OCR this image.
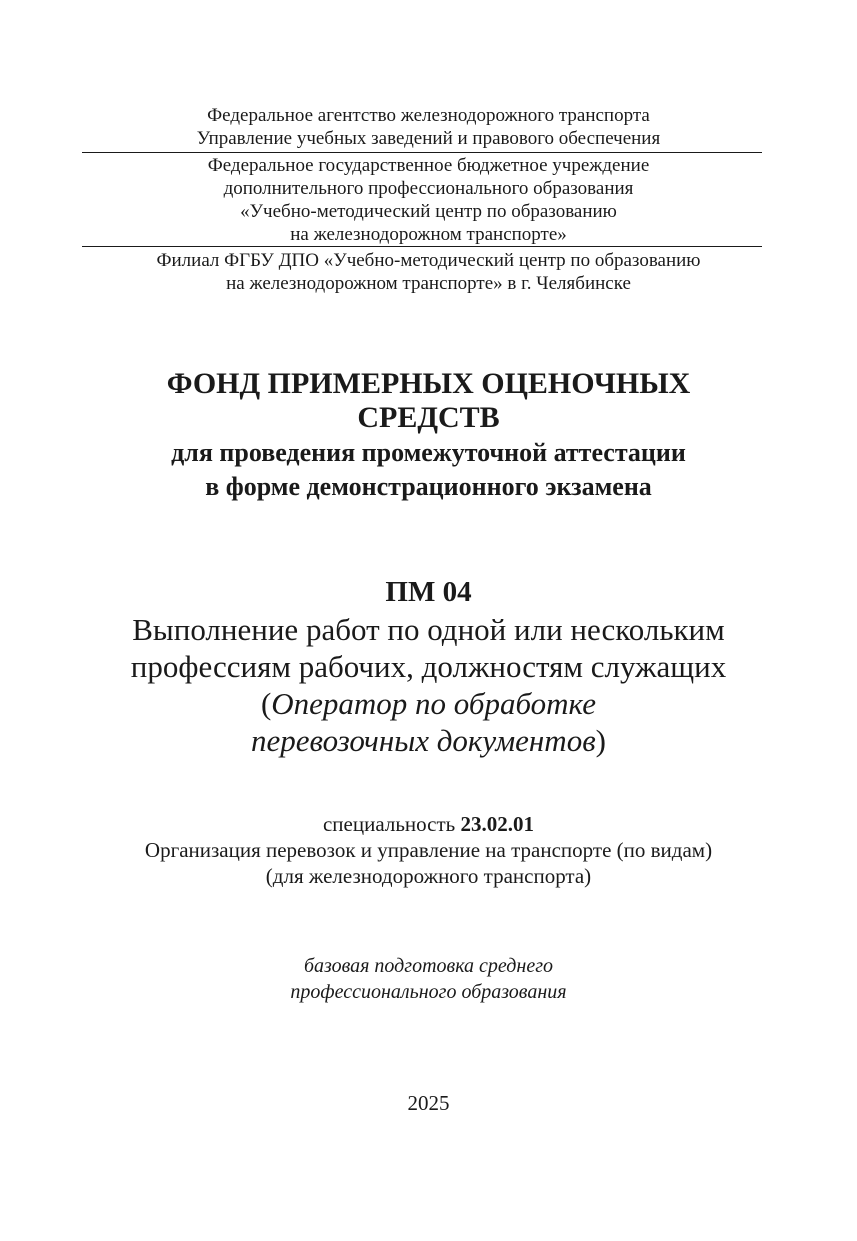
Федеральное агентство железнодорожного транспорта
Управление учебных заведений и правового обеспечения
Федеральное государственное бюджетное учреждение
дополнительного профессионального образования
«Учебно-методический центр по образованию
на железнодорожном транспорте»
Филиал ФГБУ ДПО «Учебно-методический центр по образованию
на железнодорожном транспорте» в г. Челябинске
ФОНД ПРИМЕРНЫХ ОЦЕНОЧНЫХ
СРЕДСТВ
для проведения промежуточной аттестации
в форме демонстрационного экзамена
ПМ 04
Выполнение работ по одной или нескольким
профессиям рабочих, должностям служащих
(Оператор по обработке
перевозочных документов)
специальность 23.02.01
Организация перевозок и управление на транспорте (по видам)
(для железнодорожного транспорта)
базовая подготовка среднего
профессионального образования
2025
